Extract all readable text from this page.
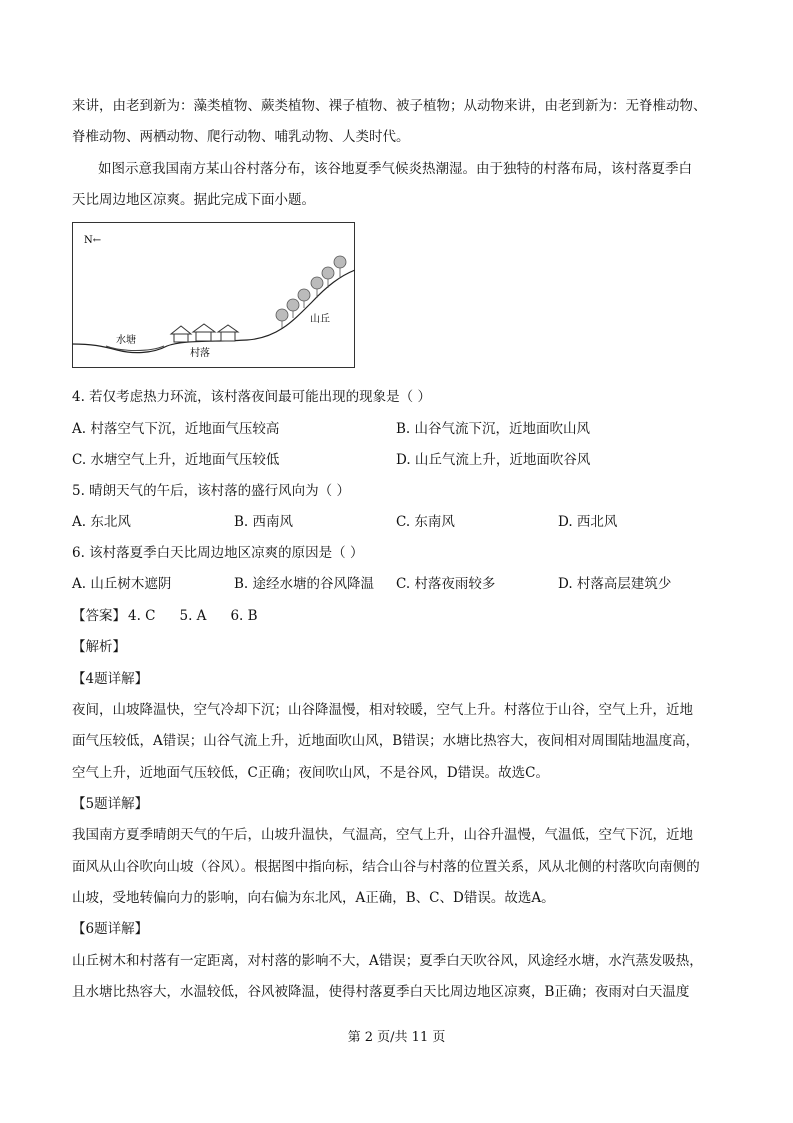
来讲，由老到新为：藻类植物、蕨类植物、裸子植物、被子植物；从动物来讲，由老到新为：无脊椎动物、
脊椎动物、两栖动物、爬行动物、哺乳动物、人类时代。
如图示意我国南方某山谷村落分布，该谷地夏季气候炎热潮湿。由于独特的村落布局，该村落夏季白
天比周边地区凉爽。据此完成下面小题。
N←
水塘
村落
山丘
4. 若仅考虑热力环流，该村落夜间最可能出现的现象是（ ）
A. 村落空气下沉，近地面气压较高	B. 山谷气流下沉，近地面吹山风
C. 水塘空气上升，近地面气压较低	D. 山丘气流上升，近地面吹谷风
5. 晴朗天气的午后，该村落的盛行风向为（ ）
A. 东北风	B. 西南风	C. 东南风	D. 西北风
6. 该村落夏季白天比周边地区凉爽的原因是（ ）
A. 山丘树木遮阴	B. 途经水塘的谷风降温 C. 村落夜雨较多	D. 村落高层建筑少
【答案】 4. C 5. A 6. B
【解析】
【4题详解】
夜间，山坡降温快，空气冷却下沉；山谷降温慢，相对较暖，空气上升。村落位于山谷，空气上升，近地
面气压较低，A错误；山谷气流上升，近地面吹山风，B错误；水塘比热容大，夜间相对周围陆地温度高，
空气上升，近地面气压较低，C正确；夜间吹山风，不是谷风，D错误。故选C。
【5题详解】
我国南方夏季晴朗天气的午后，山坡升温快，气温高，空气上升，山谷升温慢，气温低，空气下沉，近地
面风从山谷吹向山坡（谷风）。根据图中指向标，结合山谷与村落的位置关系，风从北侧的村落吹向南侧的
山坡，受地转偏向力的影响，向右偏为东北风，A正确，B、C、D错误。故选A。
【6题详解】
山丘树木和村落有一定距离，对村落的影响不大，A错误；夏季白天吹谷风，风途经水塘，水汽蒸发吸热，
且水塘比热容大，水温较低，谷风被降温，使得村落夏季白天比周边地区凉爽，B正确；夜雨对白天温度
第 2 页/共 11 页
